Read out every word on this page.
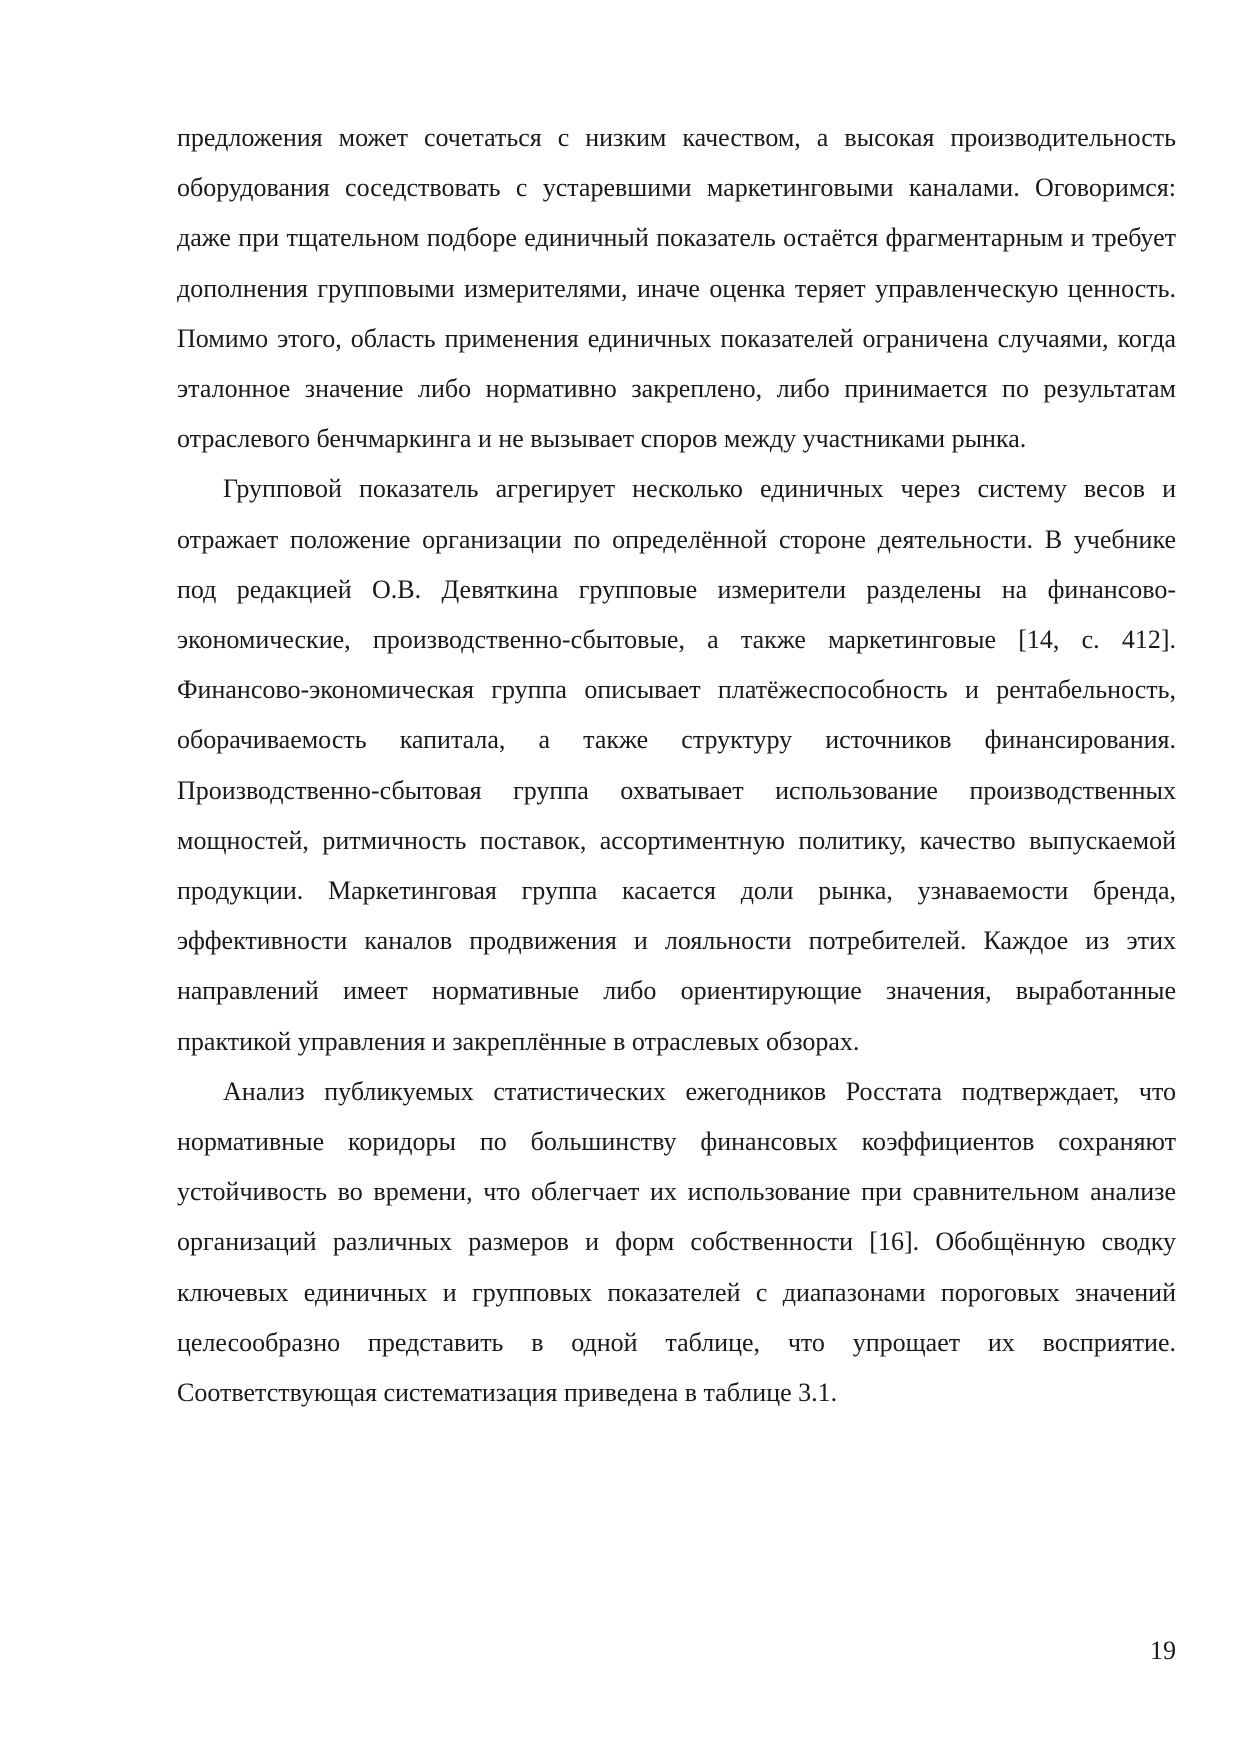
предложения может сочетаться с низким качеством, а высокая производительность оборудования соседствовать с устаревшими маркетинговыми каналами. Оговоримся: даже при тщательном подборе единичный показатель остаётся фрагментарным и требует дополнения групповыми измерителями, иначе оценка теряет управленческую ценность. Помимо этого, область применения единичных показателей ограничена случаями, когда эталонное значение либо нормативно закреплено, либо принимается по результатам отраслевого бенчмаркинга и не вызывает споров между участниками рынка.

Групповой показатель агрегирует несколько единичных через систему весов и отражает положение организации по определённой стороне деятельности. В учебнике под редакцией О.В. Девяткина групповые измерители разделены на финансово-экономические, производственно-сбытовые, а также маркетинговые [14, с. 412]. Финансово-экономическая группа описывает платёжеспособность и рентабельность, оборачиваемость капитала, а также структуру источников финансирования. Производственно-сбытовая группа охватывает использование производственных мощностей, ритмичность поставок, ассортиментную политику, качество выпускаемой продукции. Маркетинговая группа касается доли рынка, узнаваемости бренда, эффективности каналов продвижения и лояльности потребителей. Каждое из этих направлений имеет нормативные либо ориентирующие значения, выработанные практикой управления и закреплённые в отраслевых обзорах.

Анализ публикуемых статистических ежегодников Росстата подтверждает, что нормативные коридоры по большинству финансовых коэффициентов сохраняют устойчивость во времени, что облегчает их использование при сравнительном анализе организаций различных размеров и форм собственности [16]. Обобщённую сводку ключевых единичных и групповых показателей с диапазонами пороговых значений целесообразно представить в одной таблице, что упрощает их восприятие. Соответствующая систематизация приведена в таблице 3.1.

19
